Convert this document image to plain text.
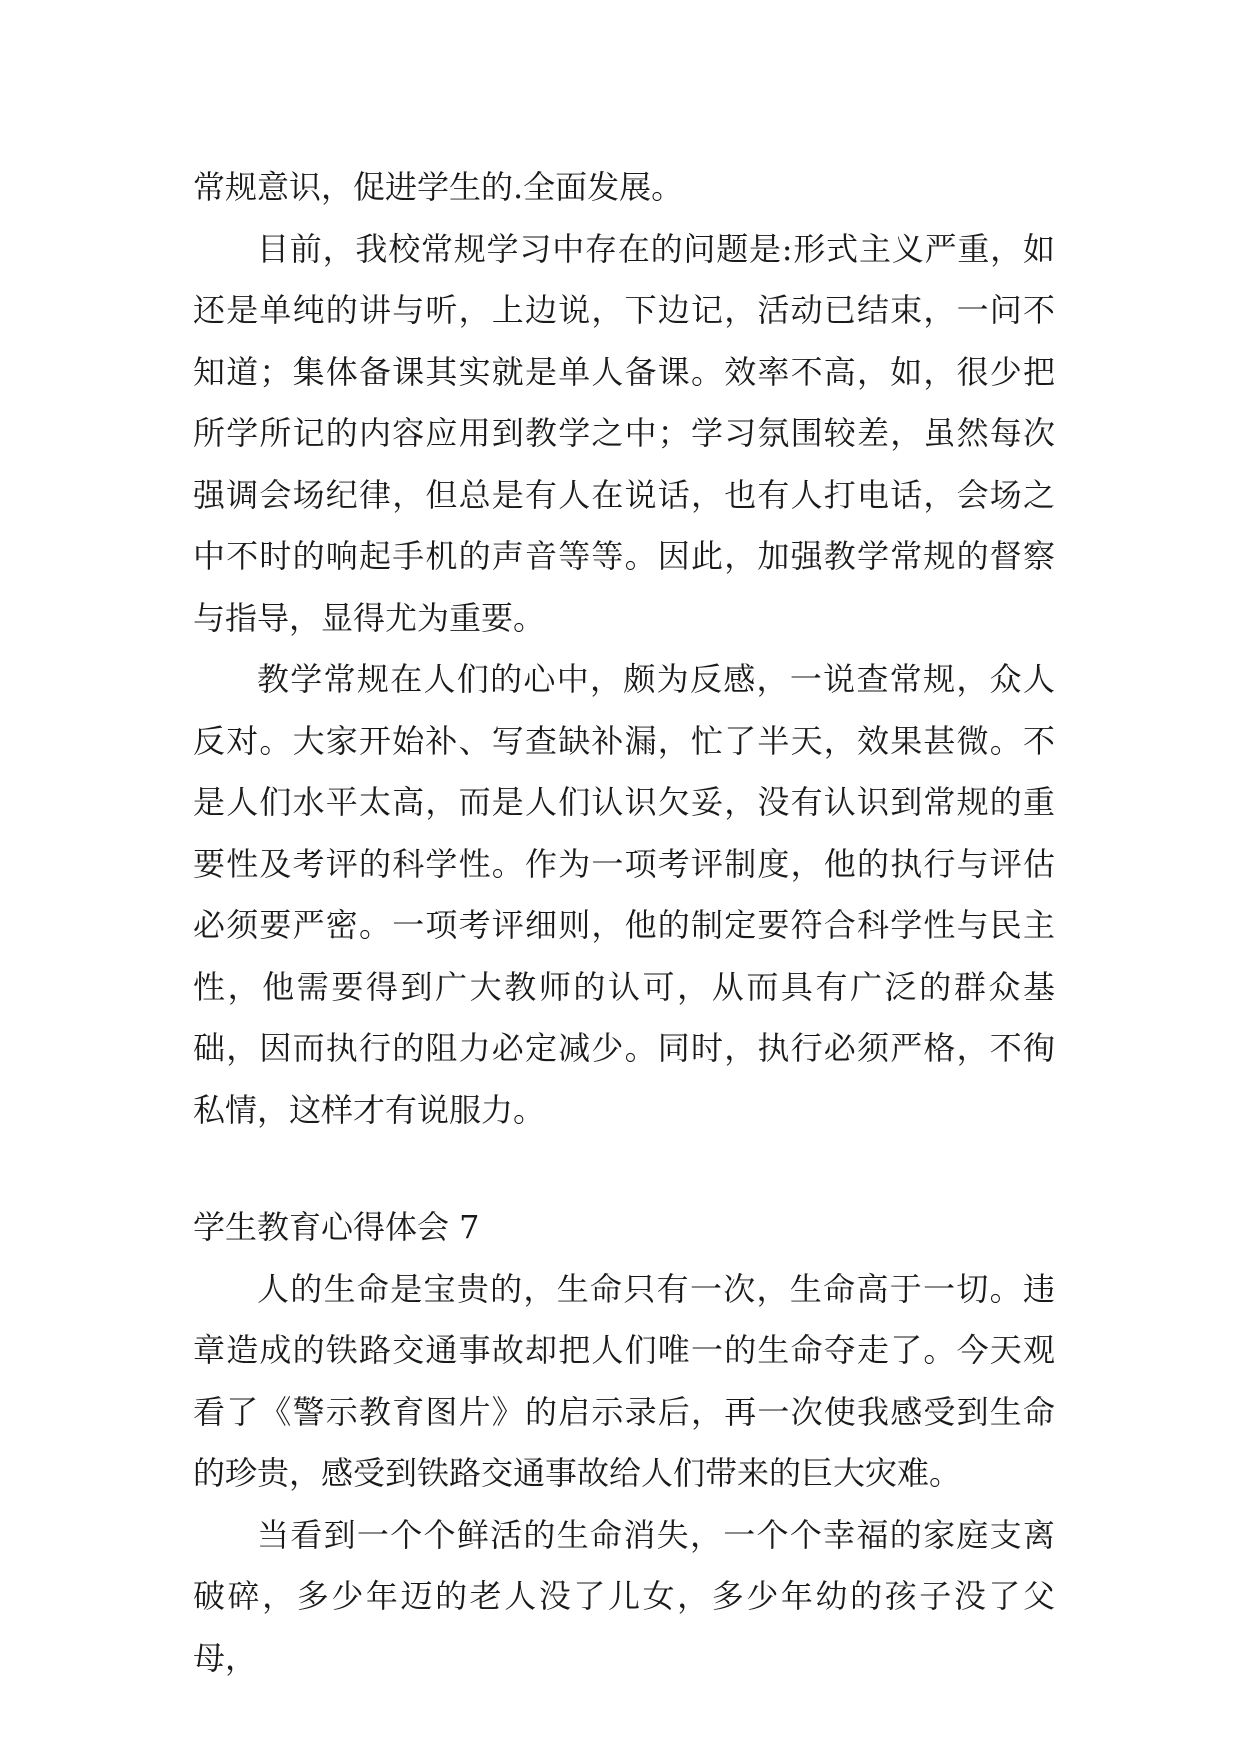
常规意识，促进学生的.全面发展。

目前，我校常规学习中存在的问题是:形式主义严重，如还是单纯的讲与听，上边说，下边记，活动已结束，一问不知道；集体备课其实就是单人备课。效率不高，如，很少把所学所记的内容应用到教学之中；学习氛围较差，虽然每次强调会场纪律，但总是有人在说话，也有人打电话，会场之中不时的响起手机的声音等等。因此，加强教学常规的督察与指导，显得尤为重要。

教学常规在人们的心中，颇为反感，一说查常规，众人反对。大家开始补、写查缺补漏，忙了半天，效果甚微。不是人们水平太高，而是人们认识欠妥，没有认识到常规的重要性及考评的科学性。作为一项考评制度，他的执行与评估必须要严密。一项考评细则，他的制定要符合科学性与民主性，他需要得到广大教师的认可，从而具有广泛的群众基础，因而执行的阻力必定减少。同时，执行必须严格，不徇私情，这样才有说服力。

学生教育心得体会 7

人的生命是宝贵的，生命只有一次，生命高于一切。违章造成的铁路交通事故却把人们唯一的生命夺走了。今天观看了《警示教育图片》的启示录后，再一次使我感受到生命的珍贵，感受到铁路交通事故给人们带来的巨大灾难。

当看到一个个鲜活的生命消失，一个个幸福的家庭支离破碎，多少年迈的老人没了儿女，多少年幼的孩子没了父母，
